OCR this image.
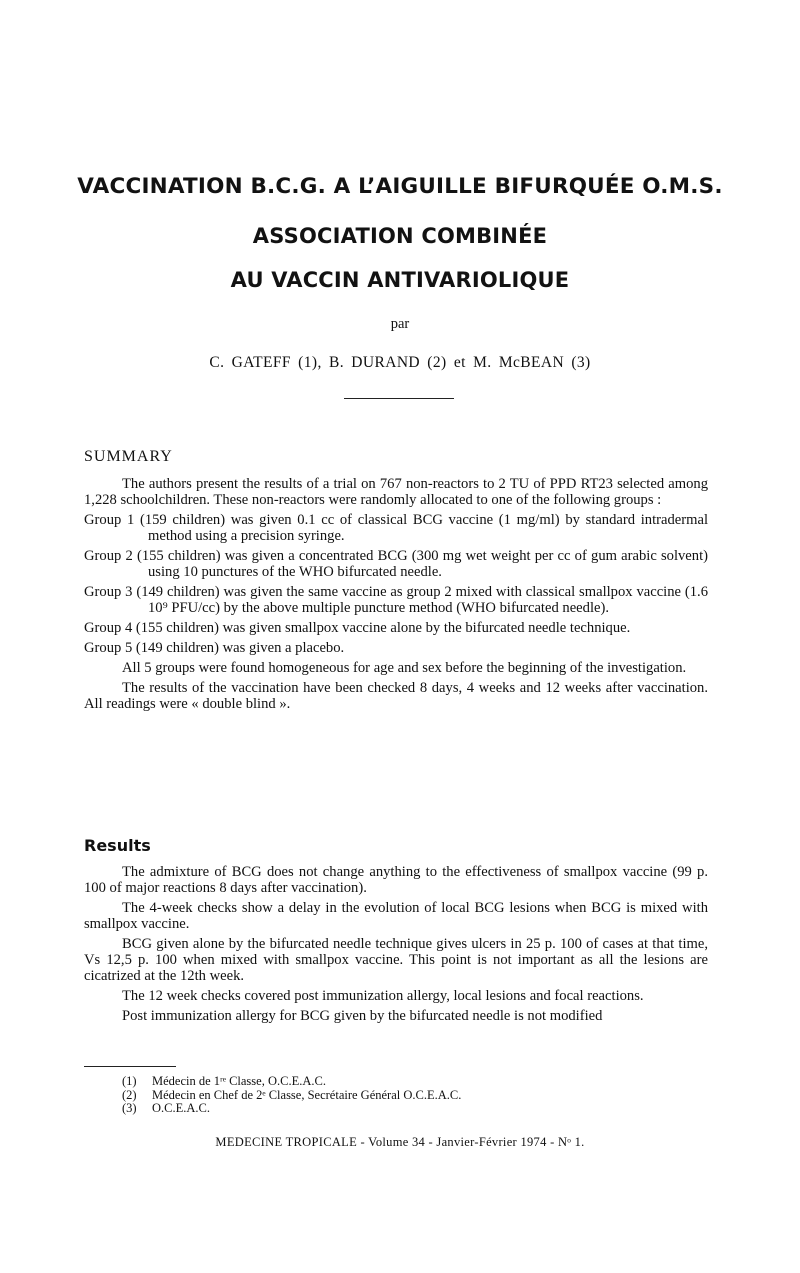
VACCINATION B.C.G. A L’AIGUILLE BIFURQUÉE O.M.S.
ASSOCIATION COMBINÉE
AU VACCIN ANTIVARIOLIQUE
par
C. GATEFF (1), B. DURAND (2) et M. McBEAN (3)
SUMMARY

The authors present the results of a trial on 767 non-reactors to 2 TU of PPD RT23 selected among 1,228 schoolchildren. These non-reactors were randomly allocated to one of the following groups :

Group 1 (159 children) was given 0.1 cc of classical BCG vaccine (1 mg/ml) by standard intradermal method using a precision syringe.

Group 2 (155 children) was given a concentrated BCG (300 mg wet weight per cc of gum arabic solvent) using 10 punctures of the WHO bifurcated needle.

Group 3 (149 children) was given the same vaccine as group 2 mixed with classical smallpox vaccine (1.6 10⁹ PFU/cc) by the above multiple puncture method (WHO bifurcated needle).

Group 4 (155 children) was given smallpox vaccine alone by the bifurcated needle technique.

Group 5 (149 children) was given a placebo.

All 5 groups were found homogeneous for age and sex before the beginning of the investigation.

The results of the vaccination have been checked 8 days, 4 weeks and 12 weeks after vaccination. All readings were « double blind ».

Results

The admixture of BCG does not change anything to the effectiveness of smallpox vaccine (99 p. 100 of major reactions 8 days after vaccination).

The 4-week checks show a delay in the evolution of local BCG lesions when BCG is mixed with smallpox vaccine.

BCG given alone by the bifurcated needle technique gives ulcers in 25 p. 100 of cases at that time, Vs 12,5 p. 100 when mixed with smallpox vaccine. This point is not important as all the lesions are cicatrized at the 12th week.

The 12 week checks covered post immunization allergy, local lesions and focal reactions.

Post immunization allergy for BCG given by the bifurcated needle is not modified

(1) Médecin de 1ʳᵉ Classe, O.C.E.A.C.
(2) Médecin en Chef de 2ᵉ Classe, Secrétaire Général O.C.E.A.C.
(3) O.C.E.A.C.
MEDECINE TROPICALE - Volume 34 - Janvier-Février 1974 - Nᵒ 1.
